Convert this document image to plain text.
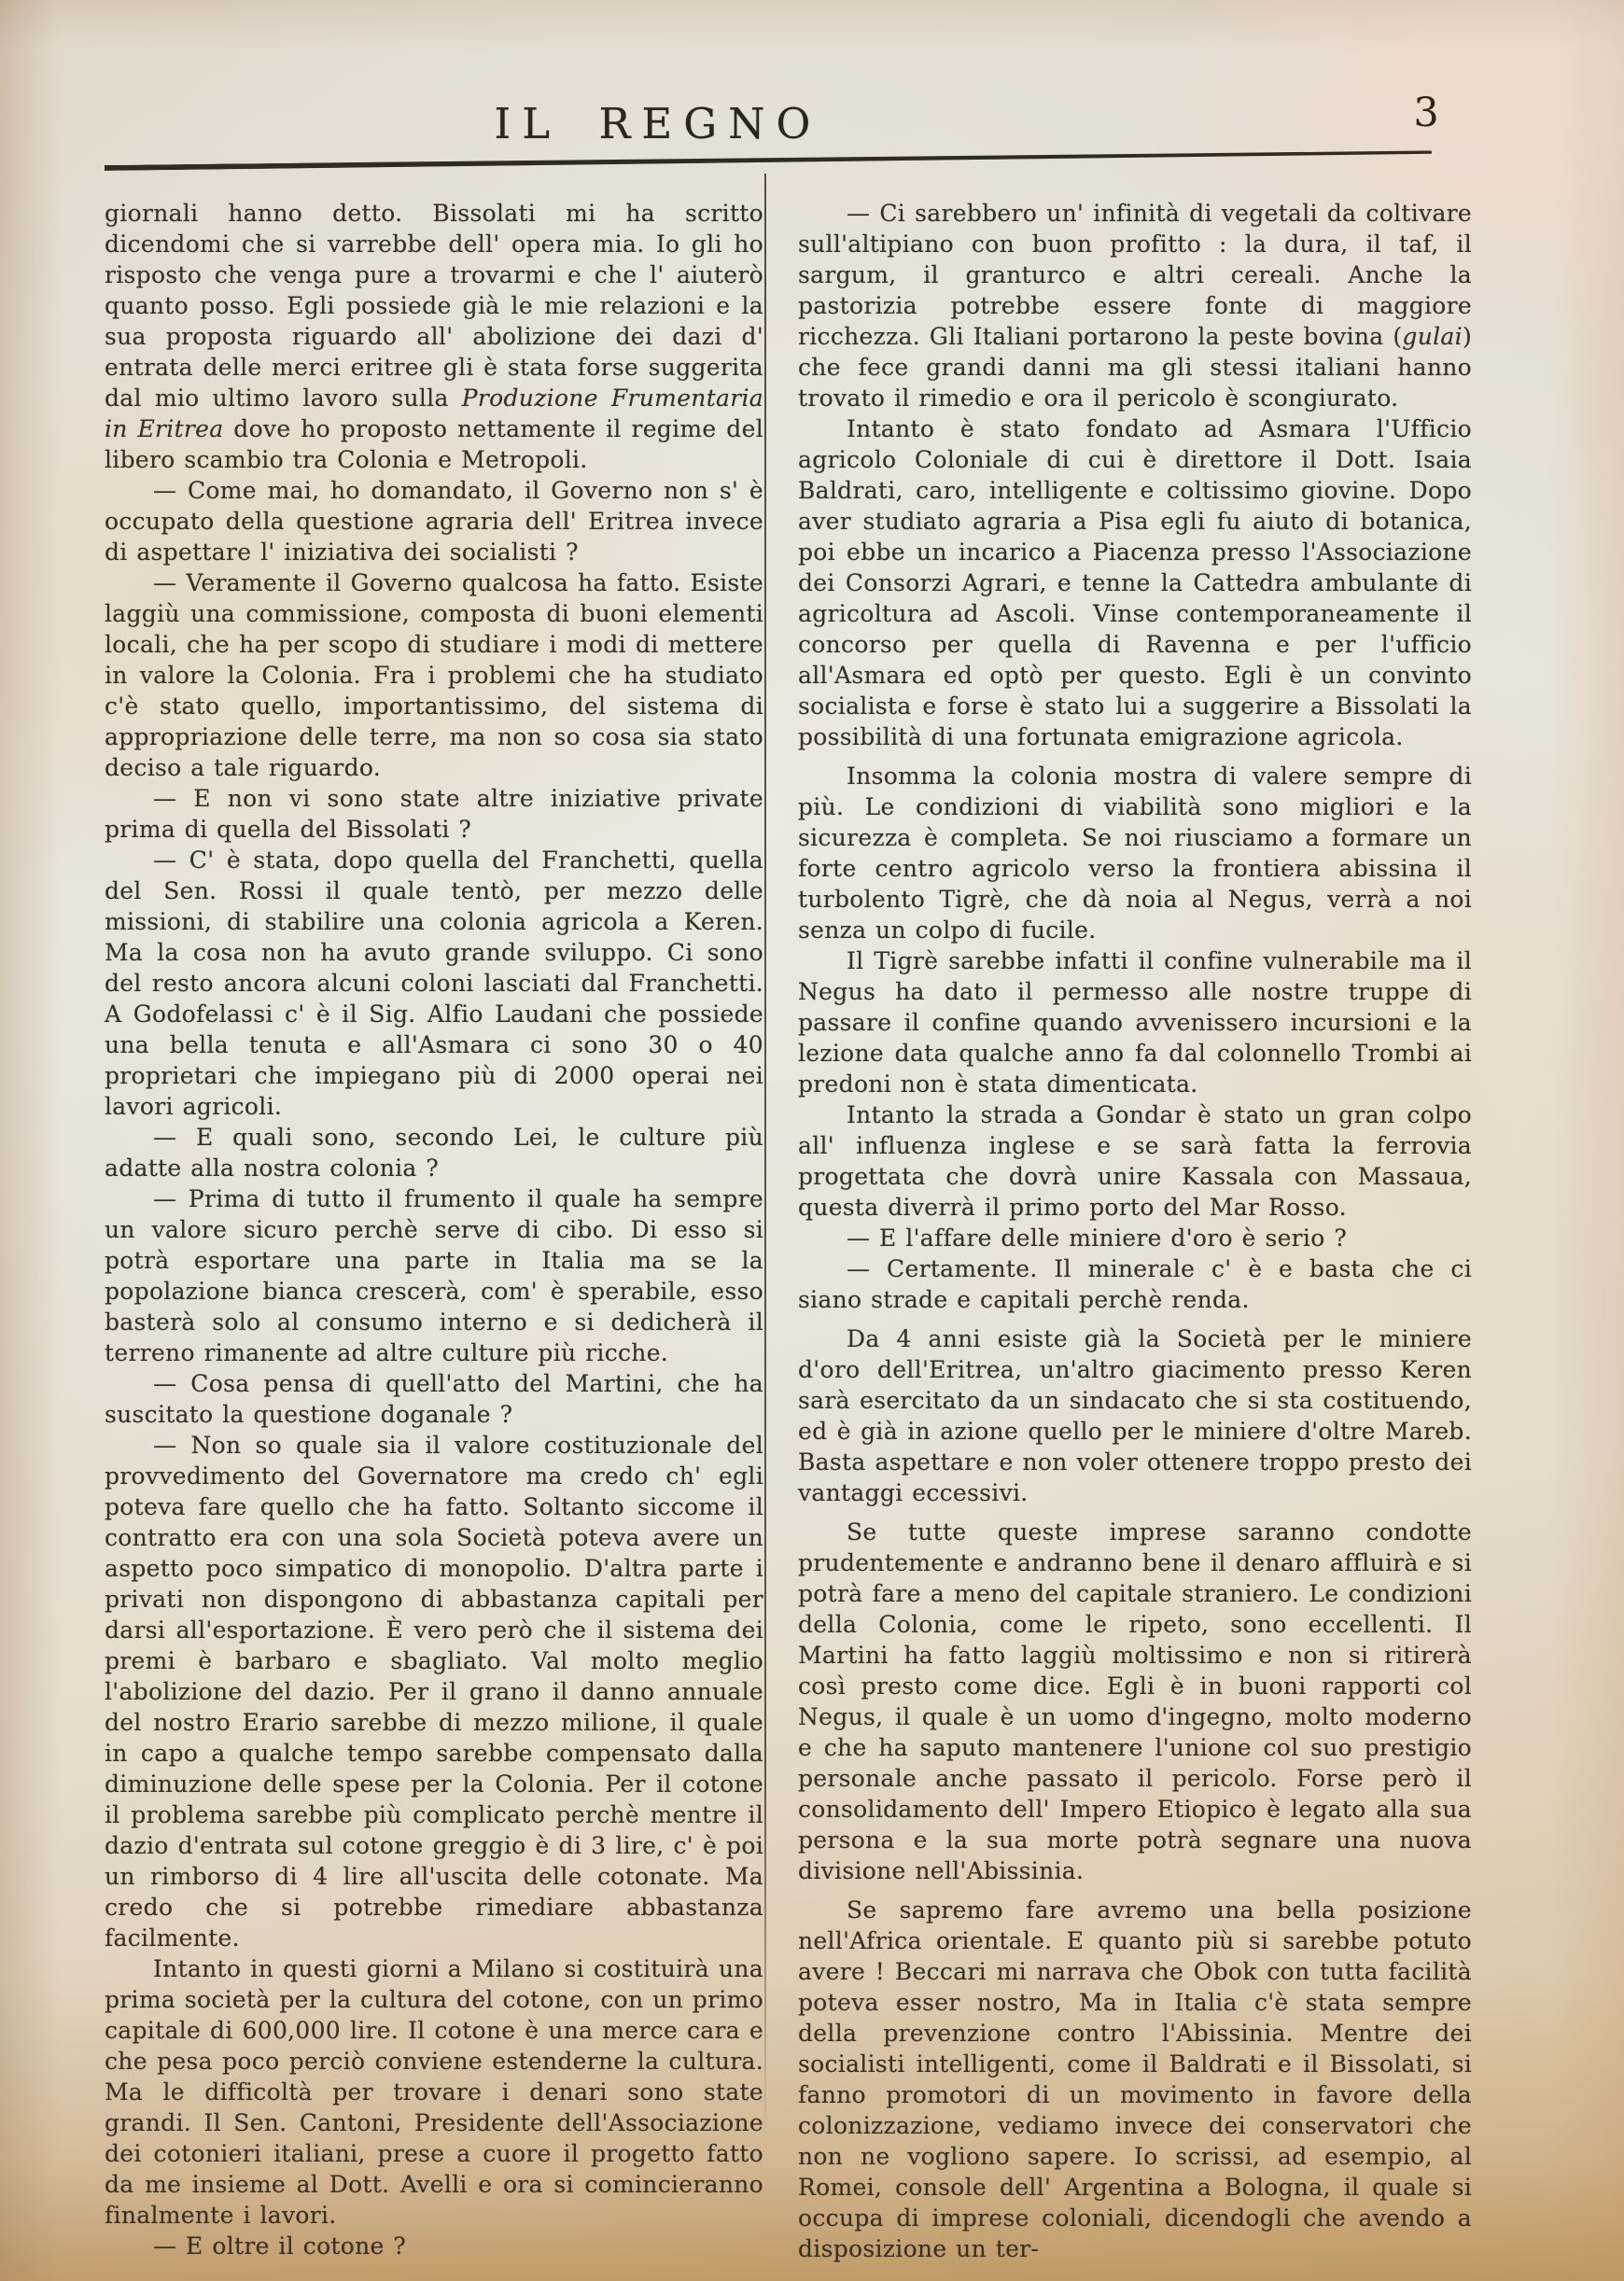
IL REGNO	3

giornali hanno detto. Bissolati mi ha scritto dicendomi che si varrebbe dell' opera mia. Io gli ho risposto che venga pure a trovarmi e che l' aiuterò quanto posso. Egli possiede già le mie relazioni e la sua proposta riguardo all' abolizione dei dazi d' entrata delle merci eritree gli è stata forse suggerita dal mio ultimo lavoro sulla Produzione Frumentaria in Eritrea dove ho proposto nettamente il regime del libero scambio tra Colonia e Metropoli.

— Come mai, ho domandato, il Governo non s' è occupato della questione agraria dell' Eritrea invece di aspettare l' iniziativa dei socialisti ?

— Veramente il Governo qualcosa ha fatto. Esiste laggiù una commissione, composta di buoni elementi locali, che ha per scopo di studiare i modi di mettere in valore la Colonia. Fra i problemi che ha studiato c'è stato quello, importantissimo, del sistema di appropriazione delle terre, ma non so cosa sia stato deciso a tale riguardo.

— E non vi sono state altre iniziative private prima di quella del Bissolati ?

— C' è stata, dopo quella del Franchetti, quella del Sen. Rossi il quale tentò, per mezzo delle missioni, di stabilire una colonia agricola a Keren. Ma la cosa non ha avuto grande sviluppo. Ci sono del resto ancora alcuni coloni lasciati dal Franchetti. A Godofelassi c' è il Sig. Alfio Laudani che possiede una bella tenuta e all'Asmara ci sono 30 o 40 proprietari che impiegano più di 2000 operai nei lavori agricoli.

— E quali sono, secondo Lei, le culture più adatte alla nostra colonia ?

— Prima di tutto il frumento il quale ha sempre un valore sicuro perchè serve di cibo. Di esso si potrà esportare una parte in Italia ma se la popolazione bianca crescerà, com' è sperabile, esso basterà solo al consumo interno e si dedicherà il terreno rimanente ad altre culture più ricche.

— Cosa pensa di quell'atto del Martini, che ha suscitato la questione doganale ?

— Non so quale sia il valore costituzionale del provvedimento del Governatore ma credo ch' egli poteva fare quello che ha fatto. Soltanto siccome il contratto era con una sola Società poteva avere un aspetto poco simpatico di monopolio. D'altra parte i privati non dispongono di abbastanza capitali per darsi all'esportazione. È vero però che il sistema dei premi è barbaro e sbagliato. Val molto meglio l'abolizione del dazio. Per il grano il danno annuale del nostro Erario sarebbe di mezzo milione, il quale in capo a qualche tempo sarebbe compensato dalla diminuzione delle spese per la Colonia. Per il cotone il problema sarebbe più complicato perchè mentre il dazio d'entrata sul cotone greggio è di 3 lire, c' è poi un rimborso di 4 lire all'uscita delle cotonate. Ma credo che si potrebbe rimediare abbastanza facilmente.

Intanto in questi giorni a Milano si costituirà una prima società per la cultura del cotone, con un primo capitale di 600,000 lire. Il cotone è una merce cara e che pesa poco perciò conviene estenderne la cultura. Ma le difficoltà per trovare i denari sono state grandi. Il Sen. Cantoni, Presidente dell'Associazione dei cotonieri italiani, prese a cuore il progetto fatto da me insieme al Dott. Avelli e ora si comincieranno finalmente i lavori.

— E oltre il cotone ?

— Ci sarebbero un' infinità di vegetali da coltivare sull'altipiano con buon profitto : la dura, il taf, il sargum, il granturco e altri cereali. Anche la pastorizia potrebbe essere fonte di maggiore ricchezza. Gli Italiani portarono la peste bovina (gulai) che fece grandi danni ma gli stessi italiani hanno trovato il rimedio e ora il pericolo è scongiurato.

Intanto è stato fondato ad Asmara l'Ufficio agricolo Coloniale di cui è direttore il Dott. Isaia Baldrati, caro, intelligente e coltissimo giovine. Dopo aver studiato agraria a Pisa egli fu aiuto di botanica, poi ebbe un incarico a Piacenza presso l'Associazione dei Consorzi Agrari, e tenne la Cattedra ambulante di agricoltura ad Ascoli. Vinse contemporaneamente il concorso per quella di Ravenna e per l'ufficio all'Asmara ed optò per questo. Egli è un convinto socialista e forse è stato lui a suggerire a Bissolati la possibilità di una fortunata emigrazione agricola.

Insomma la colonia mostra di valere sempre di più. Le condizioni di viabilità sono migliori e la sicurezza è completa. Se noi riusciamo a formare un forte centro agricolo verso la frontiera abissina il turbolento Tigrè, che dà noia al Negus, verrà a noi senza un colpo di fucile.

Il Tigrè sarebbe infatti il confine vulnerabile ma il Negus ha dato il permesso alle nostre truppe di passare il confine quando avvenissero incursioni e la lezione data qualche anno fa dal colonnello Trombi ai predoni non è stata dimenticata.

Intanto la strada a Gondar è stato un gran colpo all' influenza inglese e se sarà fatta la ferrovia progettata che dovrà unire Kassala con Massaua, questa diverrà il primo porto del Mar Rosso.

— E l'affare delle miniere d'oro è serio ?

— Certamente. Il minerale c' è e basta che ci siano strade e capitali perchè renda.

Da 4 anni esiste già la Società per le miniere d'oro dell'Eritrea, un'altro giacimento presso Keren sarà esercitato da un sindacato che si sta costituendo, ed è già in azione quello per le miniere d'oltre Mareb. Basta aspettare e non voler ottenere troppo presto dei vantaggi eccessivi.

Se tutte queste imprese saranno condotte prudentemente e andranno bene il denaro affluirà e si potrà fare a meno del capitale straniero. Le condizioni della Colonia, come le ripeto, sono eccellenti. Il Martini ha fatto laggiù moltissimo e non si ritirerà così presto come dice. Egli è in buoni rapporti col Negus, il quale è un uomo d'ingegno, molto moderno e che ha saputo mantenere l'unione col suo prestigio personale anche passato il pericolo. Forse però il consolidamento dell' Impero Etiopico è legato alla sua persona e la sua morte potrà segnare una nuova divisione nell'Abissinia.

Se sapremo fare avremo una bella posizione nell'Africa orientale. E quanto più si sarebbe potuto avere ! Beccari mi narrava che Obok con tutta facilità poteva esser nostro, Ma in Italia c'è stata sempre della prevenzione contro l'Abissinia. Mentre dei socialisti intelligenti, come il Baldrati e il Bissolati, si fanno promotori di un movimento in favore della colonizzazione, vediamo invece dei conservatori che non ne vogliono sapere. Io scrissi, ad esempio, al Romei, console dell' Argentina a Bologna, il quale si occupa di imprese coloniali, dicendogli che avendo a disposizione un ter-
